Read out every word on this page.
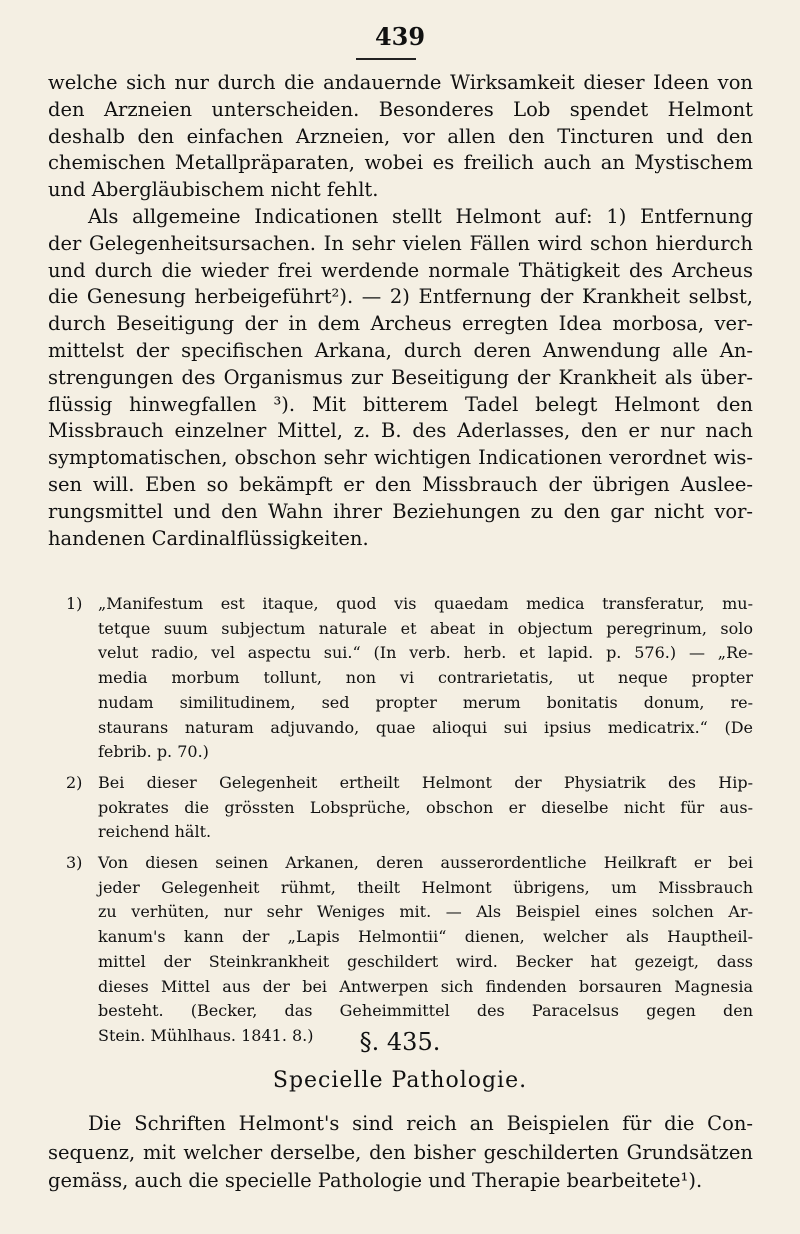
439

welche sich nur durch die andauernde Wirksamkeit dieser Ideen von

den Arzneien unterscheiden. Besonderes Lob spendet Helmont

deshalb den einfachen Arzneien, vor allen den Tincturen und den

chemischen Metallpräparaten, wobei es freilich auch an Mystischem

und Abergläubischem nicht fehlt.

Als allgemeine Indicationen stellt Helmont auf: 1) Entfernung

der Gelegenheitsursachen. In sehr vielen Fällen wird schon hierdurch

und durch die wieder frei werdende normale Thätigkeit des Archeus

die Genesung herbeigeführt²). — 2) Entfernung der Krankheit selbst,

durch Beseitigung der in dem Archeus erregten Idea morbosa, ver-

mittelst der specifischen Arkana, durch deren Anwendung alle An-

strengungen des Organismus zur Beseitigung der Krankheit als über-

flüssig hinwegfallen ³). Mit bitterem Tadel belegt Helmont den

Missbrauch einzelner Mittel, z. B. des Aderlasses, den er nur nach

symptomatischen, obschon sehr wichtigen Indicationen verordnet wis-

sen will. Eben so bekämpft er den Missbrauch der übrigen Auslee-

rungsmittel und den Wahn ihrer Beziehungen zu den gar nicht vor-

handenen Cardinalflüssigkeiten.

1) „Manifestum est itaque, quod vis quaedam medica transferatur, mu-
tetque suum subjectum naturale et abeat in objectum peregrinum, solo
velut radio, vel aspectu sui.“ (In verb. herb. et lapid. p. 576.) — „Re-
media morbum tollunt, non vi contrarietatis, ut neque propter
nudam similitudinem, sed propter merum bonitatis donum, re-
staurans naturam adjuvando, quae alioqui sui ipsius medicatrix.“ (De
febrib. p. 70.)
2) Bei dieser Gelegenheit ertheilt Helmont der Physiatrik des Hip-
pokrates die grössten Lobsprüche, obschon er dieselbe nicht für aus-
reichend hält.
3) Von diesen seinen Arkanen, deren ausserordentliche Heilkraft er bei
jeder Gelegenheit rühmt, theilt Helmont übrigens, um Missbrauch
zu verhüten, nur sehr Weniges mit. — Als Beispiel eines solchen Ar-
kanum's kann der „Lapis Helmontii“ dienen, welcher als Hauptheil-
mittel der Steinkrankheit geschildert wird. Becker hat gezeigt, dass
dieses Mittel aus der bei Antwerpen sich findenden borsauren Magnesia
besteht. (Becker, das Geheimmittel des Paracelsus gegen den
Stein. Mühlhaus. 1841. 8.)	§. 435.
Specielle Pathologie.

Die Schriften Helmont's sind reich an Beispielen für die Con-

sequenz, mit welcher derselbe, den bisher geschilderten Grundsätzen

gemäss, auch die specielle Pathologie und Therapie bearbeitete¹).
